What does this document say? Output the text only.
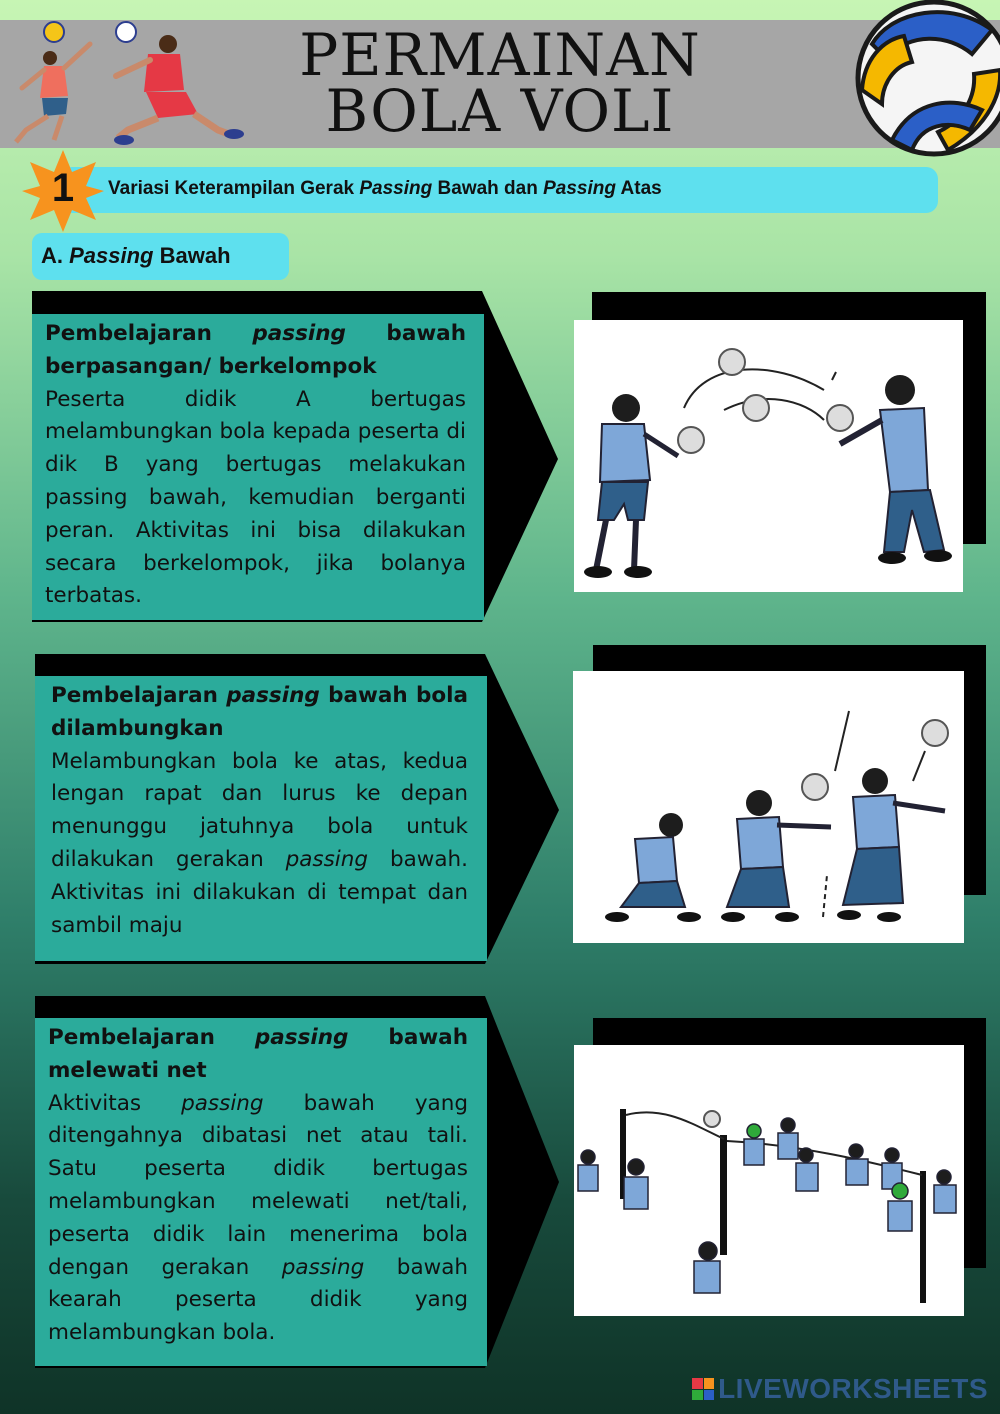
PERMAINAN
BOLA VOLI
1	Variasi Keterampilan Gerak Passing Bawah dan Passing Atas
A. Passing Bawah
Pembelajaran passing bawah berpasangan/ berkelompok
Peserta didik A bertugas melambungkan bola kepada peserta di dik B yang bertugas melakukan passing bawah, kemudian berganti peran. Aktivitas ini bisa dilakukan secara berkelompok, jika bolanya terbatas.
Pembelajaran passing bawah bola dilambungkan
Melambungkan bola ke atas, kedua lengan rapat dan lurus ke depan menunggu jatuhnya bola untuk dilakukan gerakan passing bawah. Aktivitas ini dilakukan di tempat dan sambil maju
Pembelajaran passing bawah melewati net
Aktivitas passing bawah yang ditengahnya dibatasi net atau tali. Satu peserta didik bertugas melambungkan melewati net/tali, peserta didik lain menerima bola dengan gerakan passing bawah kearah peserta didik yang melambungkan bola.
LIVEWORKSHEETS
